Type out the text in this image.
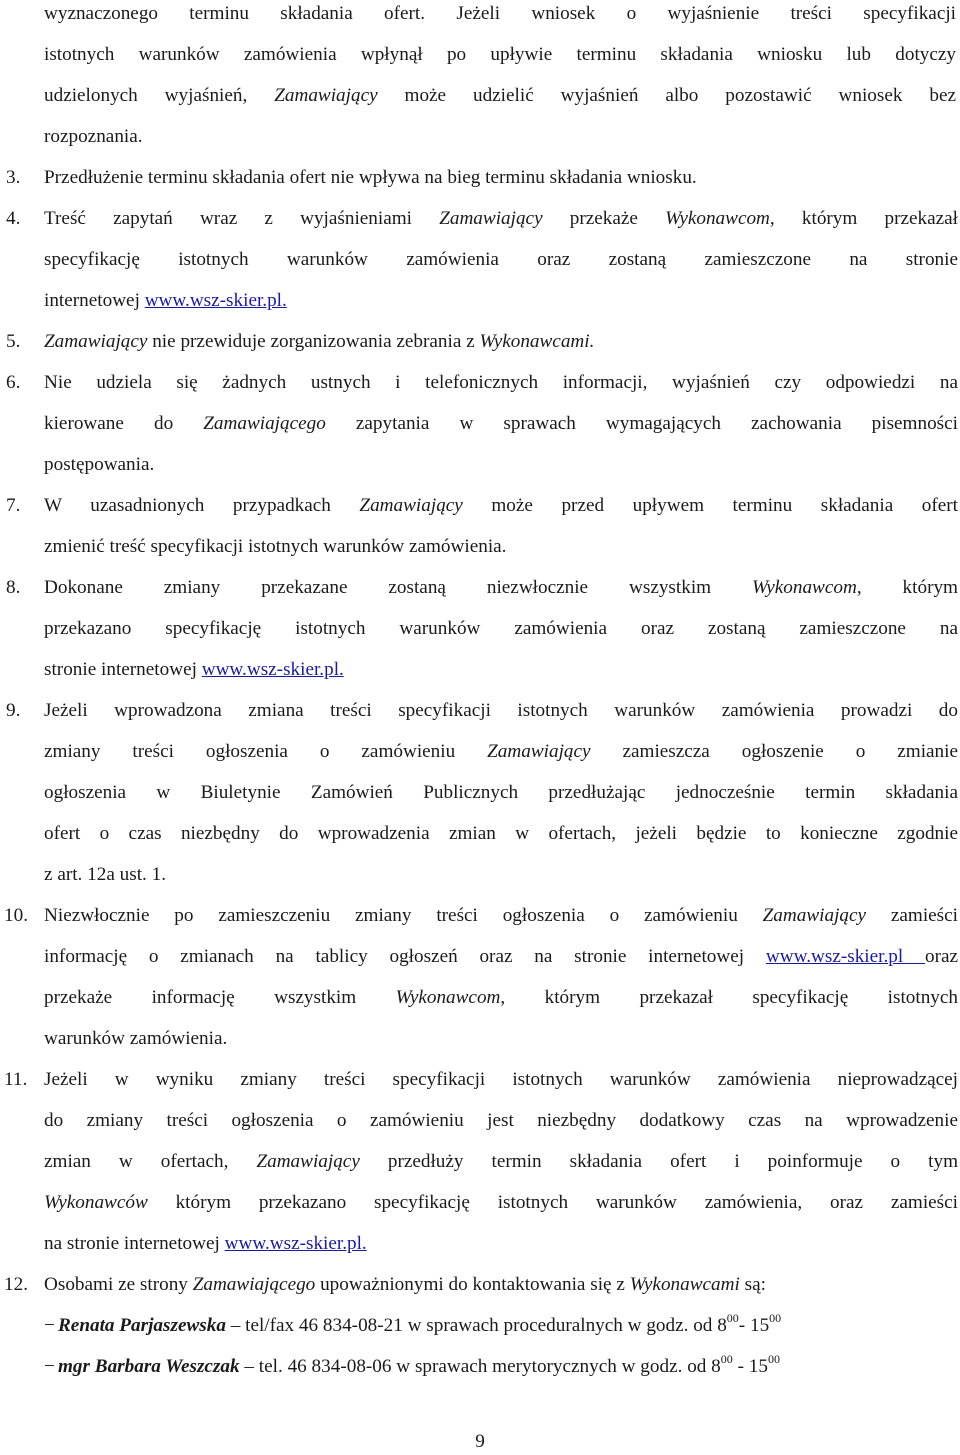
wyznaczonego terminu składania ofert. Jeżeli wniosek o wyjaśnienie treści specyfikacji
istotnych warunków zamówienia wpłynął po upływie terminu składania wniosku lub dotyczy
udzielonych wyjaśnień, Zamawiający może udzielić wyjaśnień albo pozostawić wniosek bez
rozpoznania.
3. Przedłużenie terminu składania ofert nie wpływa na bieg terminu składania wniosku.
4. Treść zapytań wraz z wyjaśnieniami Zamawiający przekaże Wykonawcom, którym przekazał
specyfikację istotnych warunków zamówienia oraz zostaną zamieszczone na stronie
internetowej www.wsz-skier.pl.
5. Zamawiający nie przewiduje zorganizowania zebrania z Wykonawcami.
6. Nie udziela się żadnych ustnych i telefonicznych informacji, wyjaśnień czy odpowiedzi na
kierowane do Zamawiającego zapytania w sprawach wymagających zachowania pisemności
postępowania.
7. W uzasadnionych przypadkach Zamawiający może przed upływem terminu składania ofert
zmienić treść specyfikacji istotnych warunków zamówienia.
8. Dokonane zmiany przekazane zostaną niezwłocznie wszystkim Wykonawcom, którym
przekazano specyfikację istotnych warunków zamówienia oraz zostaną zamieszczone na
stronie internetowej www.wsz-skier.pl.
9. Jeżeli wprowadzona zmiana treści specyfikacji istotnych warunków zamówienia prowadzi do
zmiany treści ogłoszenia o zamówieniu Zamawiający zamieszcza ogłoszenie o zmianie
ogłoszenia w Biuletynie Zamówień Publicznych przedłużając jednocześnie termin składania
ofert o czas niezbędny do wprowadzenia zmian w ofertach, jeżeli będzie to konieczne zgodnie
z art. 12a ust. 1.
10. Niezwłocznie po zamieszczeniu zmiany treści ogłoszenia o zamówieniu Zamawiający zamieści
informację o zmianach na tablicy ogłoszeń oraz na stronie internetowej www.wsz-skier.pl oraz
przekaże informację wszystkim Wykonawcom, którym przekazał specyfikację istotnych
warunków zamówienia.
11. Jeżeli w wyniku zmiany treści specyfikacji istotnych warunków zamówienia nieprowadzącej
do zmiany treści ogłoszenia o zamówieniu jest niezbędny dodatkowy czas na wprowadzenie
zmian w ofertach, Zamawiający przedłuży termin składania ofert i poinformuje o tym
Wykonawców którym przekazano specyfikację istotnych warunków zamówienia, oraz zamieści
na stronie internetowej www.wsz-skier.pl.
12. Osobami ze strony Zamawiającego upoważnionymi do kontaktowania się z Wykonawcami są:
− Renata Parjaszewska – tel/fax 46 834-08-21 w sprawach proceduralnych w godz. od $8^{00}-$ $15^{00}$
− mgr Barbara Weszczak – tel. 46 834-08-06 w sprawach merytorycznych w godz. od $8^{00} - 15^{00}$
9
